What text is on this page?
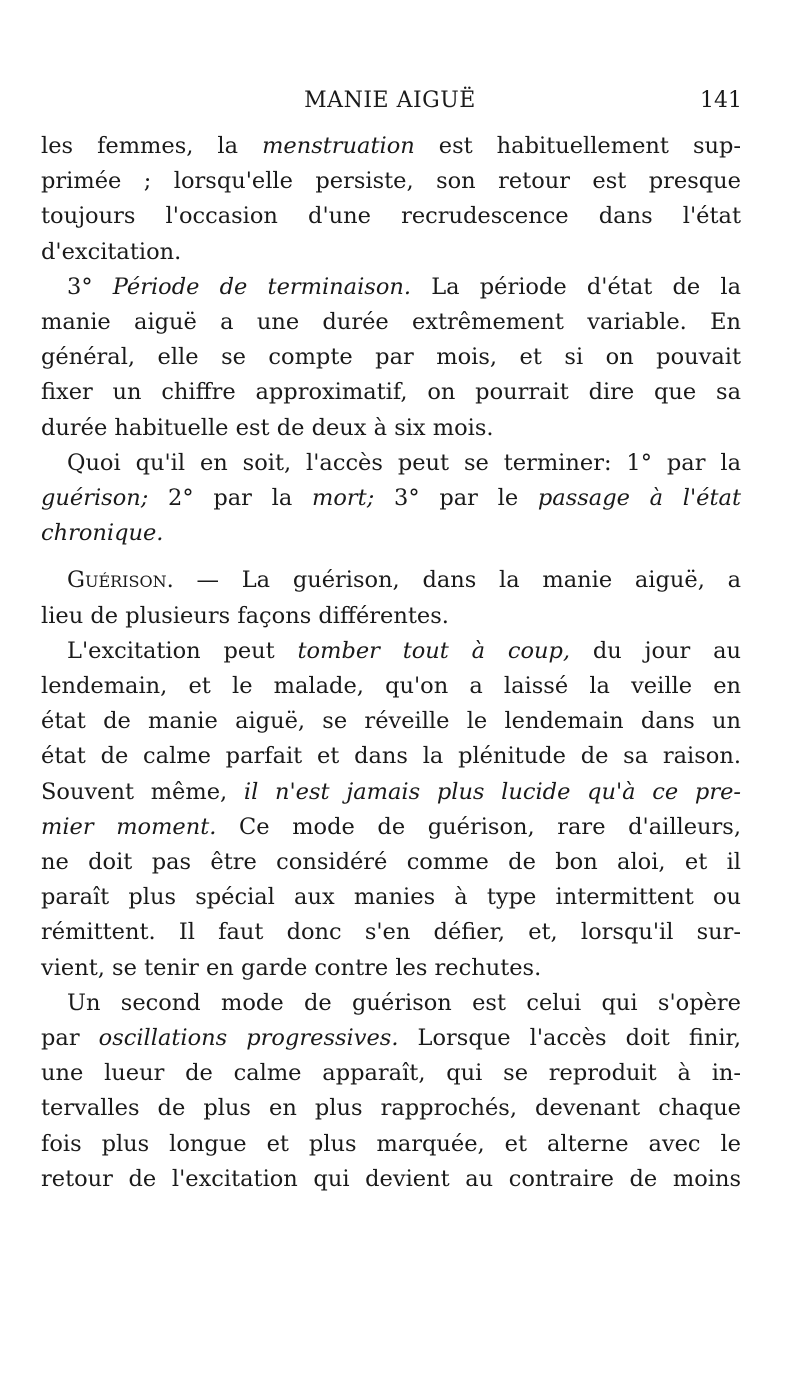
MANIE AIGUË	141
les femmes, la menstruation est habituellement sup-
primée ; lorsqu'elle persiste, son retour est presque
toujours l'occasion d'une recrudescence dans l'état
d'excitation.
3° Période de terminaison. La période d'état de la
manie aiguë a une durée extrêmement variable. En
général, elle se compte par mois, et si on pouvait
fixer un chiffre approximatif, on pourrait dire que sa
durée habituelle est de deux à six mois.
Quoi qu'il en soit, l'accès peut se terminer: 1° par la
guérison; 2° par la mort; 3° par le passage à l'état
chronique.
Guérison. — La guérison, dans la manie aiguë, a
lieu de plusieurs façons différentes.
L'excitation peut tomber tout à coup, du jour au
lendemain, et le malade, qu'on a laissé la veille en
état de manie aiguë, se réveille le lendemain dans un
état de calme parfait et dans la plénitude de sa raison.
Souvent même, il n'est jamais plus lucide qu'à ce pre-
mier moment. Ce mode de guérison, rare d'ailleurs,
ne doit pas être considéré comme de bon aloi, et il
paraît plus spécial aux manies à type intermittent ou
rémittent. Il faut donc s'en défier, et, lorsqu'il sur-
vient, se tenir en garde contre les rechutes.
Un second mode de guérison est celui qui s'opère
par oscillations progressives. Lorsque l'accès doit finir,
une lueur de calme apparaît, qui se reproduit à in-
tervalles de plus en plus rapprochés, devenant chaque
fois plus longue et plus marquée, et alterne avec le
retour de l'excitation qui devient au contraire de moins
